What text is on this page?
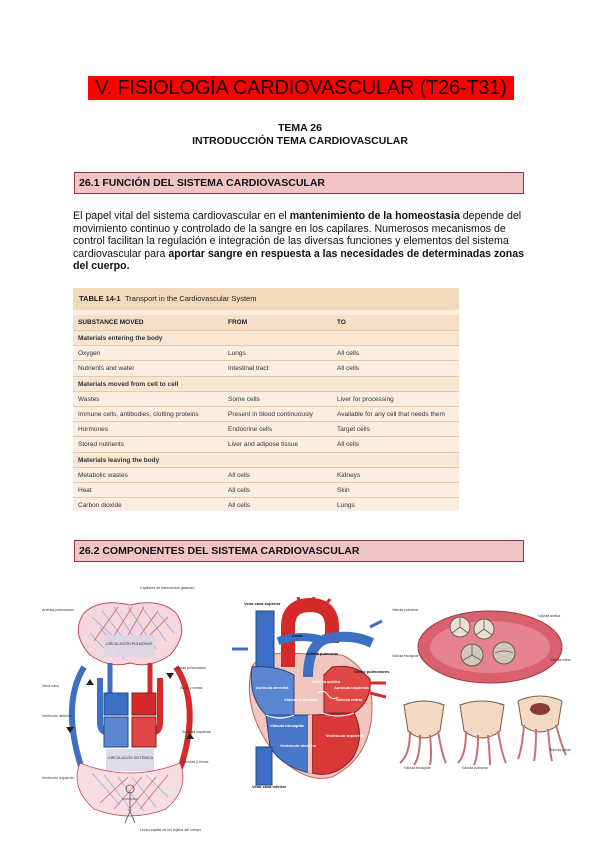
V. FISIOLOGÍA CARDIOVASCULAR (T26-T31)
TEMA 26
INTRODUCCIÓN TEMA CARDIOVASCULAR
26.1 FUNCIÓN DEL SISTEMA CARDIOVASCULAR
El papel vital del sistema cardiovascular en el mantenimiento de la homeostasia depende del movimiento continuo y controlado de la sangre en los capilares. Numerosos mecanismos de control facilitan la regulación e integración de las diversas funciones y elementos del sistema cardiovascular para aportar sangre en respuesta a las necesidades de determinadas zonas del cuerpo.
TABLE 14-1 Transport in the Cardiovascular System
SUBSTANCE MOVED	FROM	TO
Materials entering the body
Oxygen	Lungs	All cells
Nutrients and water	Intestinal tract	All cells
Materials moved from cell to cell
Wastes	Some cells	Liver for processing
Immune cells, antibodies, clotting proteins	Present in blood continuously	Available for any cell that needs them
Hormones	Endocrine cells	Target cells
Stored nutrients	Liver and adipose tissue	All cells
Materials leaving the body
Metabolic wastes	All cells	Kidneys
Heat	All cells	Skin
Carbon dioxide	All cells	Lungs
26.2 COMPONENTES DEL SISTEMA CARDIOVASCULAR
Capilares de intercambio gaseoso
Arterias pulmonares
CIRCULACIÓN PULMONAR
Venas pulmonares
Vena cava	Aorta y ramas
Ventrículo derecho
Aurícula izquierda
CIRCULACIÓN SISTÉMICA
Ventrículo izquierdo
Vénulas y venas
Lecho capilar de los tejidos del cuerpo
Vena cava superior
Aorta
Arteria pulmonar
Venas pulmonares
Aurícula derecha	Aurícula izquierda
Válvula aórtica
Válvula mitral
Válvula pulmonar
Válvula tricúspide
Ventrículo izquierdo
Ventrículo derecho
Vena cava inferior
Válvula pulmonar
Válvula aórtica
Válvula tricúspide
Válvula mitral
Válvula tricúspide	Válvula pulmonar
Válvula mitral
